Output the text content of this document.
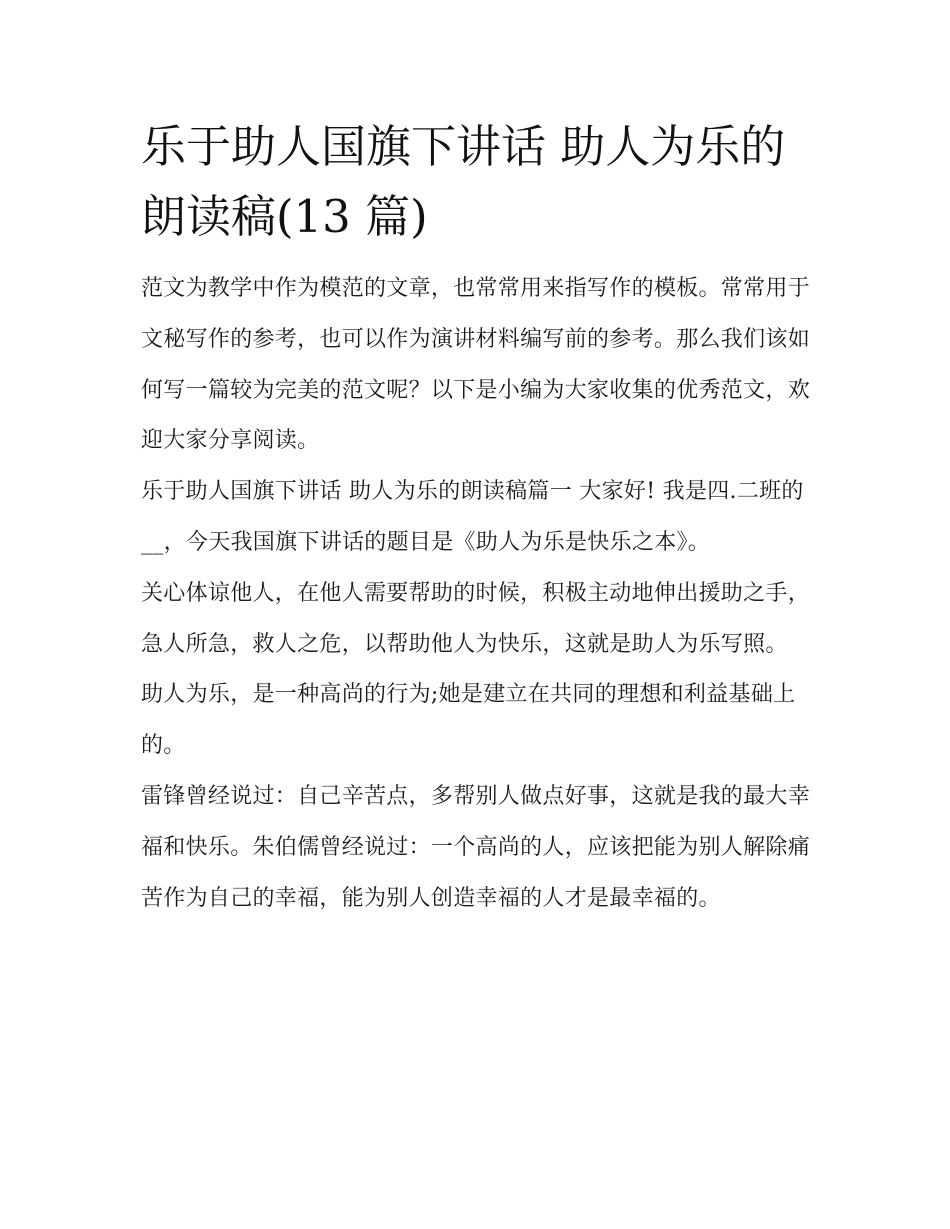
乐于助人国旗下讲话 助人为乐的朗读稿(13 篇)

范文为教学中作为模范的文章，也常常用来指写作的模板。常常用于文秘写作的参考，也可以作为演讲材料编写前的参考。那么我们该如何写一篇较为完美的范文呢？以下是小编为大家收集的优秀范文，欢迎大家分享阅读。

乐于助人国旗下讲话 助人为乐的朗读稿篇一 大家好! 我是四.二班的__，今天我国旗下讲话的题目是《助人为乐是快乐之本》。

关心体谅他人，在他人需要帮助的时候，积极主动地伸出援助之手，急人所急，救人之危，以帮助他人为快乐，这就是助人为乐写照。

助人为乐，是一种高尚的行为;她是建立在共同的理想和利益基础上的。

雷锋曾经说过：自己辛苦点，多帮别人做点好事，这就是我的最大幸福和快乐。朱伯儒曾经说过：一个高尚的人，应该把能为别人解除痛苦作为自己的幸福，能为别人创造幸福的人才是最幸福的。
